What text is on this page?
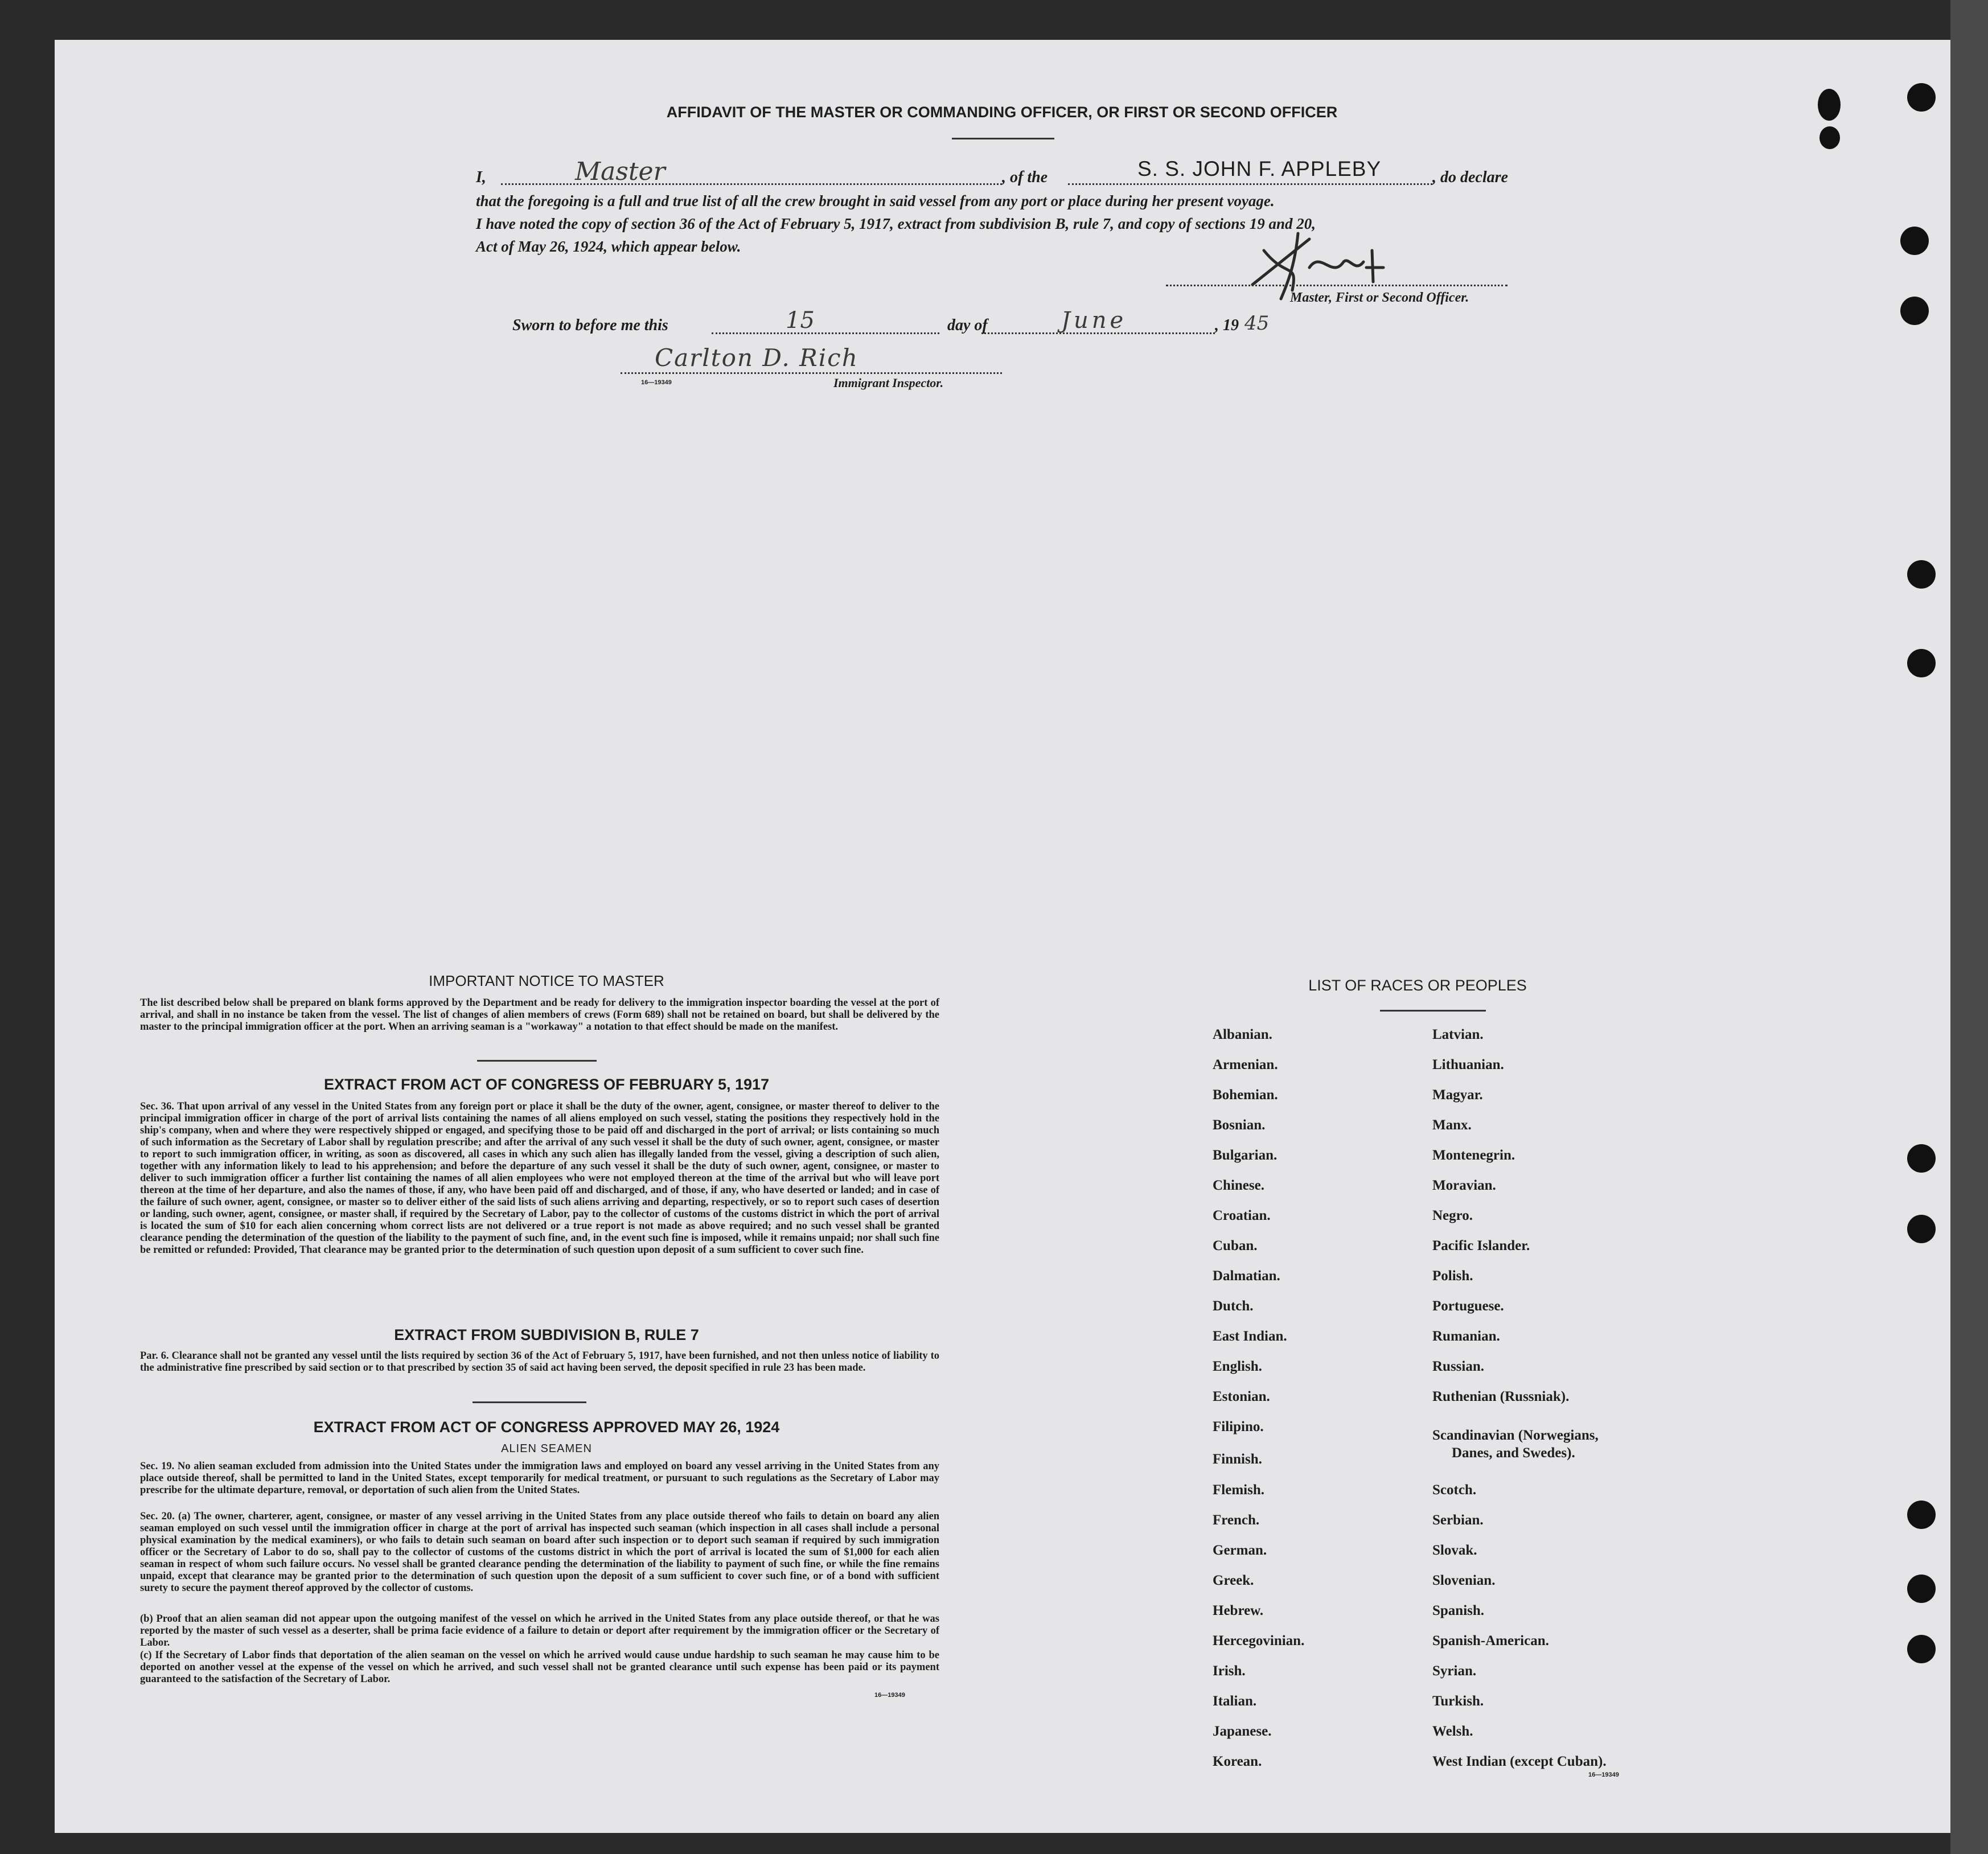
AFFIDAVIT OF THE MASTER OR COMMANDING OFFICER, OR FIRST OR SECOND OFFICER
I,	Master	, of the	S. S. JOHN F. APPLEBY	, do declare
that the foregoing is a full and true list of all the crew brought in said vessel from any port or place during her present voyage.
I have noted the copy of section 36 of the Act of February 5, 1917, extract from subdivision B, rule 7, and copy of sections 19 and 20,
Act of May 26, 1924, which appear below.
Master, First or Second Officer.
Sworn to before me this	15	day of	June	, 19 45
Carlton D. Rich
16—19349	Immigrant Inspector.
IMPORTANT NOTICE TO MASTER
The list described below shall be prepared on blank forms approved by the Department and be ready for delivery to the immigration inspector boarding the vessel at the port of arrival, and shall in no instance be taken from the vessel. The list of changes of alien members of crews (Form 689) shall not be retained on board, but shall be delivered by the master to the principal immigration officer at the port. When an arriving seaman is a "workaway" a notation to that effect should be made on the manifest.
EXTRACT FROM ACT OF CONGRESS OF FEBRUARY 5, 1917
Sec. 36. That upon arrival of any vessel in the United States from any foreign port or place it shall be the duty of the owner, agent, consignee, or master thereof to deliver to the principal immigration officer in charge of the port of arrival lists containing the names of all aliens employed on such vessel, stating the positions they respectively hold in the ship's company, when and where they were respectively shipped or engaged, and specifying those to be paid off and discharged in the port of arrival; or lists containing so much of such information as the Secretary of Labor shall by regulation prescribe; and after the arrival of any such vessel it shall be the duty of such owner, agent, consignee, or master to report to such immigration officer, in writing, as soon as discovered, all cases in which any such alien has illegally landed from the vessel, giving a description of such alien, together with any information likely to lead to his apprehension; and before the departure of any such vessel it shall be the duty of such owner, agent, consignee, or master to deliver to such immigration officer a further list containing the names of all alien employees who were not employed thereon at the time of the arrival but who will leave port thereon at the time of her departure, and also the names of those, if any, who have been paid off and discharged, and of those, if any, who have deserted or landed; and in case of the failure of such owner, agent, consignee, or master so to deliver either of the said lists of such aliens arriving and departing, respectively, or so to report such cases of desertion or landing, such owner, agent, consignee, or master shall, if required by the Secretary of Labor, pay to the collector of customs of the customs district in which the port of arrival is located the sum of $10 for each alien concerning whom correct lists are not delivered or a true report is not made as above required; and no such vessel shall be granted clearance pending the determination of the question of the liability to the payment of such fine, and, in the event such fine is imposed, while it remains unpaid; nor shall such fine be remitted or refunded: Provided, That clearance may be granted prior to the determination of such question upon deposit of a sum sufficient to cover such fine.
EXTRACT FROM SUBDIVISION B, RULE 7
Par. 6. Clearance shall not be granted any vessel until the lists required by section 36 of the Act of February 5, 1917, have been furnished, and not then unless notice of liability to the administrative fine prescribed by said section or to that prescribed by section 35 of said act having been served, the deposit specified in rule 23 has been made.
EXTRACT FROM ACT OF CONGRESS APPROVED MAY 26, 1924
ALIEN SEAMEN
Sec. 19. No alien seaman excluded from admission into the United States under the immigration laws and employed on board any vessel arriving in the United States from any place outside thereof, shall be permitted to land in the United States, except temporarily for medical treatment, or pursuant to such regulations as the Secretary of Labor may prescribe for the ultimate departure, removal, or deportation of such alien from the United States.
Sec. 20. (a) The owner, charterer, agent, consignee, or master of any vessel arriving in the United States from any place outside thereof who fails to detain on board any alien seaman employed on such vessel until the immigration officer in charge at the port of arrival has inspected such seaman (which inspection in all cases shall include a personal physical examination by the medical examiners), or who fails to detain such seaman on board after such inspection or to deport such seaman if required by such immigration officer or the Secretary of Labor to do so, shall pay to the collector of customs of the customs district in which the port of arrival is located the sum of $1,000 for each alien seaman in respect of whom such failure occurs. No vessel shall be granted clearance pending the determination of the liability to payment of such fine, or while the fine remains unpaid, except that clearance may be granted prior to the determination of such question upon the deposit of a sum sufficient to cover such fine, or of a bond with sufficient surety to secure the payment thereof approved by the collector of customs.
(b) Proof that an alien seaman did not appear upon the outgoing manifest of the vessel on which he arrived in the United States from any place outside thereof, or that he was reported by the master of such vessel as a deserter, shall be prima facie evidence of a failure to detain or deport after requirement by the immigration officer or the Secretary of Labor.
(c) If the Secretary of Labor finds that deportation of the alien seaman on the vessel on which he arrived would cause undue hardship to such seaman he may cause him to be deported on another vessel at the expense of the vessel on which he arrived, and such vessel shall not be granted clearance until such expense has been paid or its payment guaranteed to the satisfaction of the Secretary of Labor.
16—19349
LIST OF RACES OR PEOPLES
Albanian.
Armenian.
Bohemian.
Bosnian.
Bulgarian.
Chinese.
Croatian.
Cuban.
Dalmatian.
Dutch.
East Indian.
English.
Estonian.
Filipino.
Finnish.
Flemish.
French.
German.
Greek.
Hebrew.
Hercegovinian.
Irish.
Italian.
Japanese.
Korean.
Latvian.
Lithuanian.
Magyar.
Manx.
Montenegrin.
Moravian.
Negro.
Pacific Islander.
Polish.
Portuguese.
Rumanian.
Russian.
Ruthenian (Russniak).
Scandinavian (Norwegians,
Danes, and Swedes).
Scotch.
Serbian.
Slovak.
Slovenian.
Spanish.
Spanish-American.
Syrian.
Turkish.
Welsh.
West Indian (except Cuban).
16—19349
